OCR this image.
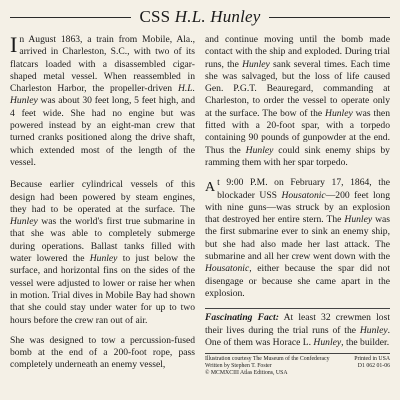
CSS H.L. Hunley

In August 1863, a train from Mobile, Ala., arrived in Charleston, S.C., with two of its flatcars loaded with a disassembled cigar-shaped metal vessel. When reassembled in Charleston Harbor, the propeller-driven H.L. Hunley was about 30 feet long, 5 feet high, and 4 feet wide. She had no engine but was powered instead by an eight-man crew that turned cranks positioned along the drive shaft, which extended most of the length of the vessel.

Because earlier cylindrical vessels of this design had been powered by steam engines, they had to be operated at the surface. The Hunley was the world's first true submarine in that she was able to completely submerge during operations. Ballast tanks filled with water lowered the Hunley to just below the surface, and horizontal fins on the sides of the vessel were adjusted to lower or raise her when in motion. Trial dives in Mobile Bay had shown that she could stay under water for up to two hours before the crew ran out of air.

She was designed to tow a percussion-fused bomb at the end of a 200-foot rope, pass completely underneath an enemy vessel,

and continue moving until the bomb made contact with the ship and exploded. During trial runs, the Hunley sank several times. Each time she was salvaged, but the loss of life caused Gen. P.G.T. Beauregard, commanding at Charleston, to order the vessel to operate only at the surface. The bow of the Hunley was then fitted with a 20-foot spar, with a torpedo containing 90 pounds of gunpowder at the end. Thus the Hunley could sink enemy ships by ramming them with her spar torpedo.

A t 9:00 P.M. on February 17, 1864, the blockader USS Housatonic—200 feet long with nine guns—was struck by an explosion that destroyed her entire stern. The Hunley was the first submarine ever to sink an enemy ship, but she had also made her last attack. The submarine and all her crew went down with the Housatonic, either because the spar did not disengage or because she came apart in the explosion.

Fascinating Fact: At least 32 crewmen lost their lives during the trial runs of the Hunley. One of them was Horace L. Hunley, the builder.

Illustration courtesy The Museum of the Confederacy
Written by Stephen T. Foster
© MCMXCIII Atlas Editions, USA
Printed in USA
D1 062 01-06
